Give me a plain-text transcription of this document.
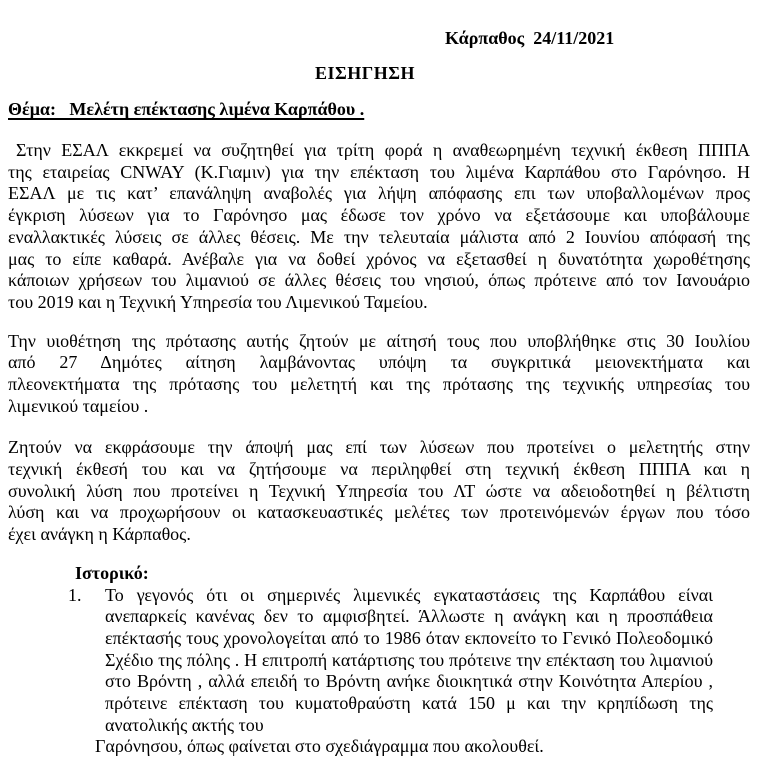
Κάρπαθος  24/11/2021
ΕΙΣΗΓΗΣΗ
Θέμα:   Μελέτη επέκτασης λιμένα Καρπάθου .
Στην ΕΣΑΛ εκκρεμεί να συζητηθεί για τρίτη φορά η αναθεωρημένη τεχνική έκθεση ΠΠΠΑ
της εταιρείας CNWAY (Κ.Γιαμιν) για την επέκταση του λιμένα Καρπάθου στο Γαρόνησο. Η
ΕΣΑΛ με τις κατ’ επανάληψη αναβολές για λήψη απόφασης επι των υποβαλλομένων προς
έγκριση λύσεων για το Γαρόνησο μας έδωσε τον χρόνο να εξετάσουμε και υποβάλουμε
εναλλακτικές λύσεις σε άλλες θέσεις. Με την τελευταία μάλιστα από 2 Ιουνίου απόφασή της
μας το είπε καθαρά. Ανέβαλε για να δοθεί χρόνος να εξετασθεί η δυνατότητα χωροθέτησης
κάποιων χρήσεων του λιμανιού σε άλλες θέσεις του νησιού, όπως πρότεινε από τον Ιανουάριο
του 2019 και η Τεχνική Υπηρεσία του Λιμενικού Ταμείου.
Την υιοθέτηση της πρότασης αυτής ζητούν με αίτησή τους που υποβλήθηκε στις 30 Ιουλίου
από 27 Δημότες αίτηση λαμβάνοντας υπόψη τα συγκριτικά μειονεκτήματα και
πλεονεκτήματα της πρότασης του μελετητή και της πρότασης της τεχνικής υπηρεσίας του
λιμενικού ταμείου .
Ζητούν να εκφράσουμε την άποψή μας επί των λύσεων που προτείνει ο μελετητής στην
τεχνική έκθεσή του και να ζητήσουμε να περιληφθεί στη τεχνική έκθεση ΠΠΠΑ και η
συνολική λύση που προτείνει η Τεχνική Υπηρεσία του ΛΤ ώστε να αδειοδοτηθεί η βέλτιστη
λύση και να προχωρήσουν οι κατασκευαστικές μελέτες των προτεινόμενών έργων που τόσο
έχει ανάγκη η Κάρπαθος.
Ιστορικό:
1.	Το γεγονός ότι οι σημερινές λιμενικές εγκαταστάσεις της Καρπάθου είναι
ανεπαρκείς κανένας δεν το αμφισβητεί. Άλλωστε η ανάγκη και η προσπάθεια
επέκτασής τους χρονολογείται από το 1986 όταν εκπονείτο το Γενικό Πολεοδομικό
Σχέδιο της πόλης . Η επιτροπή κατάρτισης του πρότεινε την επέκταση του λιμανιού
στο Βρόντη , αλλά επειδή το Βρόντη ανήκε διοικητικά στην Κοινότητα Απερίου ,
πρότεινε επέκταση του κυματοθραύστη κατά 150 μ και την κρηπίδωση της
ανατολικής ακτής του
Γαρόνησου, όπως φαίνεται στο σχεδιάγραμμα που ακολουθεί.
